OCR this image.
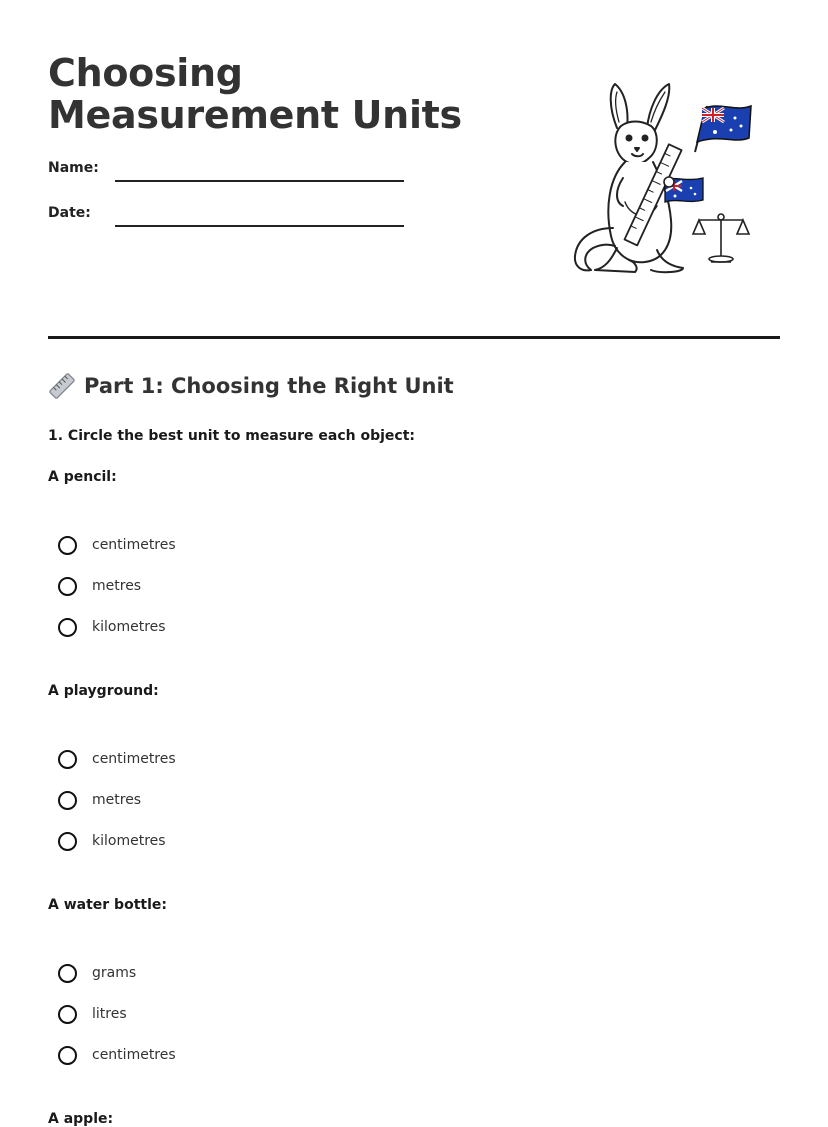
Choosing Measurement Units
Name:
Date:
Part 1: Choosing the Right Unit
1. Circle the best unit to measure each object:
A pencil:
centimetres
metres
kilometres
A playground:
centimetres
metres
kilometres
A water bottle:
grams
litres
centimetres
A apple:
